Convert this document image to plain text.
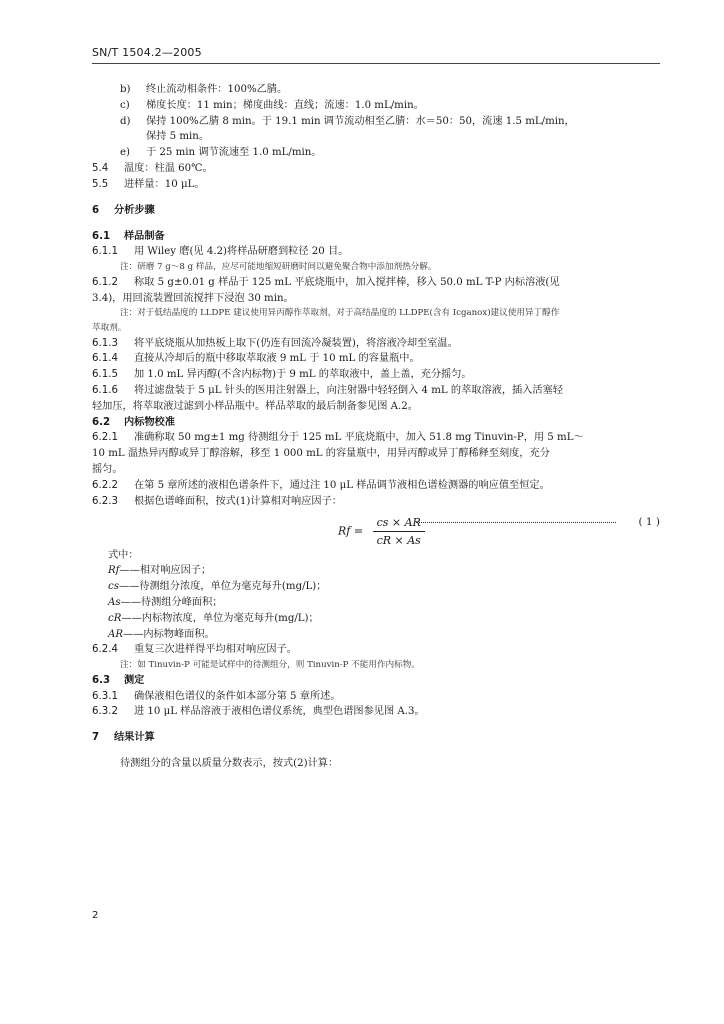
SN/T 1504.2—2005
b) 终止流动相条件：100%乙腈。
c) 梯度长度：11 min；梯度曲线：直线；流速：1.0 mL/min。
d) 保持 100%乙腈 8 min。于 19.1 min 调节流动相至乙腈：水＝50：50，流速 1.5 mL/min，
保持 5 min。
e) 于 25 min 调节流速至 1.0 mL/min。
5.4 温度：柱温 60℃。
5.5 进样量：10 μL。
6 分析步骤
6.1 样品制备
6.1.1 用 Wiley 磨(见 4.2)将样品研磨到粒径 20 目。
注：研磨 7 g～8 g 样品，应尽可能地缩短研磨时间以避免聚合物中添加剂热分解。
6.1.2 称取 5 g±0.01 g 样品于 125 mL 平底烧瓶中，加入搅拌棒，移入 50.0 mL T-P 内标溶液(见
3.4)，用回流装置回流搅拌下浸泡 30 min。
注：对于低结晶度的 LLDPE 建议使用异丙醇作萃取剂，对于高结晶度的 LLDPE(含有 Icganox)建议使用异丁醇作
萃取剂。
6.1.3 将平底烧瓶从加热板上取下(仍连有回流冷凝装置)，将溶液冷却至室温。
6.1.4 直接从冷却后的瓶中移取萃取液 9 mL 于 10 mL 的容量瓶中。
6.1.5 加 1.0 mL 异丙醇(不含内标物)于 9 mL 的萃取液中，盖上盖，充分摇匀。
6.1.6 将过滤盘装于 5 μL 针头的医用注射器上，向注射器中轻轻倒入 4 mL 的萃取溶液，插入活塞轻
轻加压，将萃取液过滤到小样品瓶中。样品萃取的最后制备参见图 A.2。
6.2 内标物校准
6.2.1 准确称取 50 mg±1 mg 待测组分于 125 mL 平底烧瓶中，加入 51.8 mg Tinuvin-P，用 5 mL～
10 mL 温热异丙醇或异丁醇溶解，移至 1 000 mL 的容量瓶中，用异丙醇或异丁醇稀释至刻度，充分
摇匀。
6.2.2 在第 5 章所述的液相色谱条件下，通过注 10 μL 样品调节液相色谱检测器的响应值至恒定。
6.2.3 根据色谱峰面积，按式(1)计算相对响应因子：
$Rf = \frac{cs \times AR}{cR \times As}$	( 1 )
式中：
Rf——相对响应因子；
cs——待测组分浓度，单位为毫克每升(mg/L)；
As——待测组分峰面积；
cR——内标物浓度，单位为毫克每升(mg/L)；
AR——内标物峰面积。
6.2.4 重复三次进样得平均相对响应因子。
注：如 Tinuvin-P 可能是试样中的待测组分，则 Tinuvin-P 不能用作内标物。
6.3 测定
6.3.1 确保液相色谱仪的条件如本部分第 5 章所述。
6.3.2 进 10 μL 样品溶液于液相色谱仪系统，典型色谱图参见图 A.3。
7 结果计算
待测组分的含量以质量分数表示，按式(2)计算：
2
